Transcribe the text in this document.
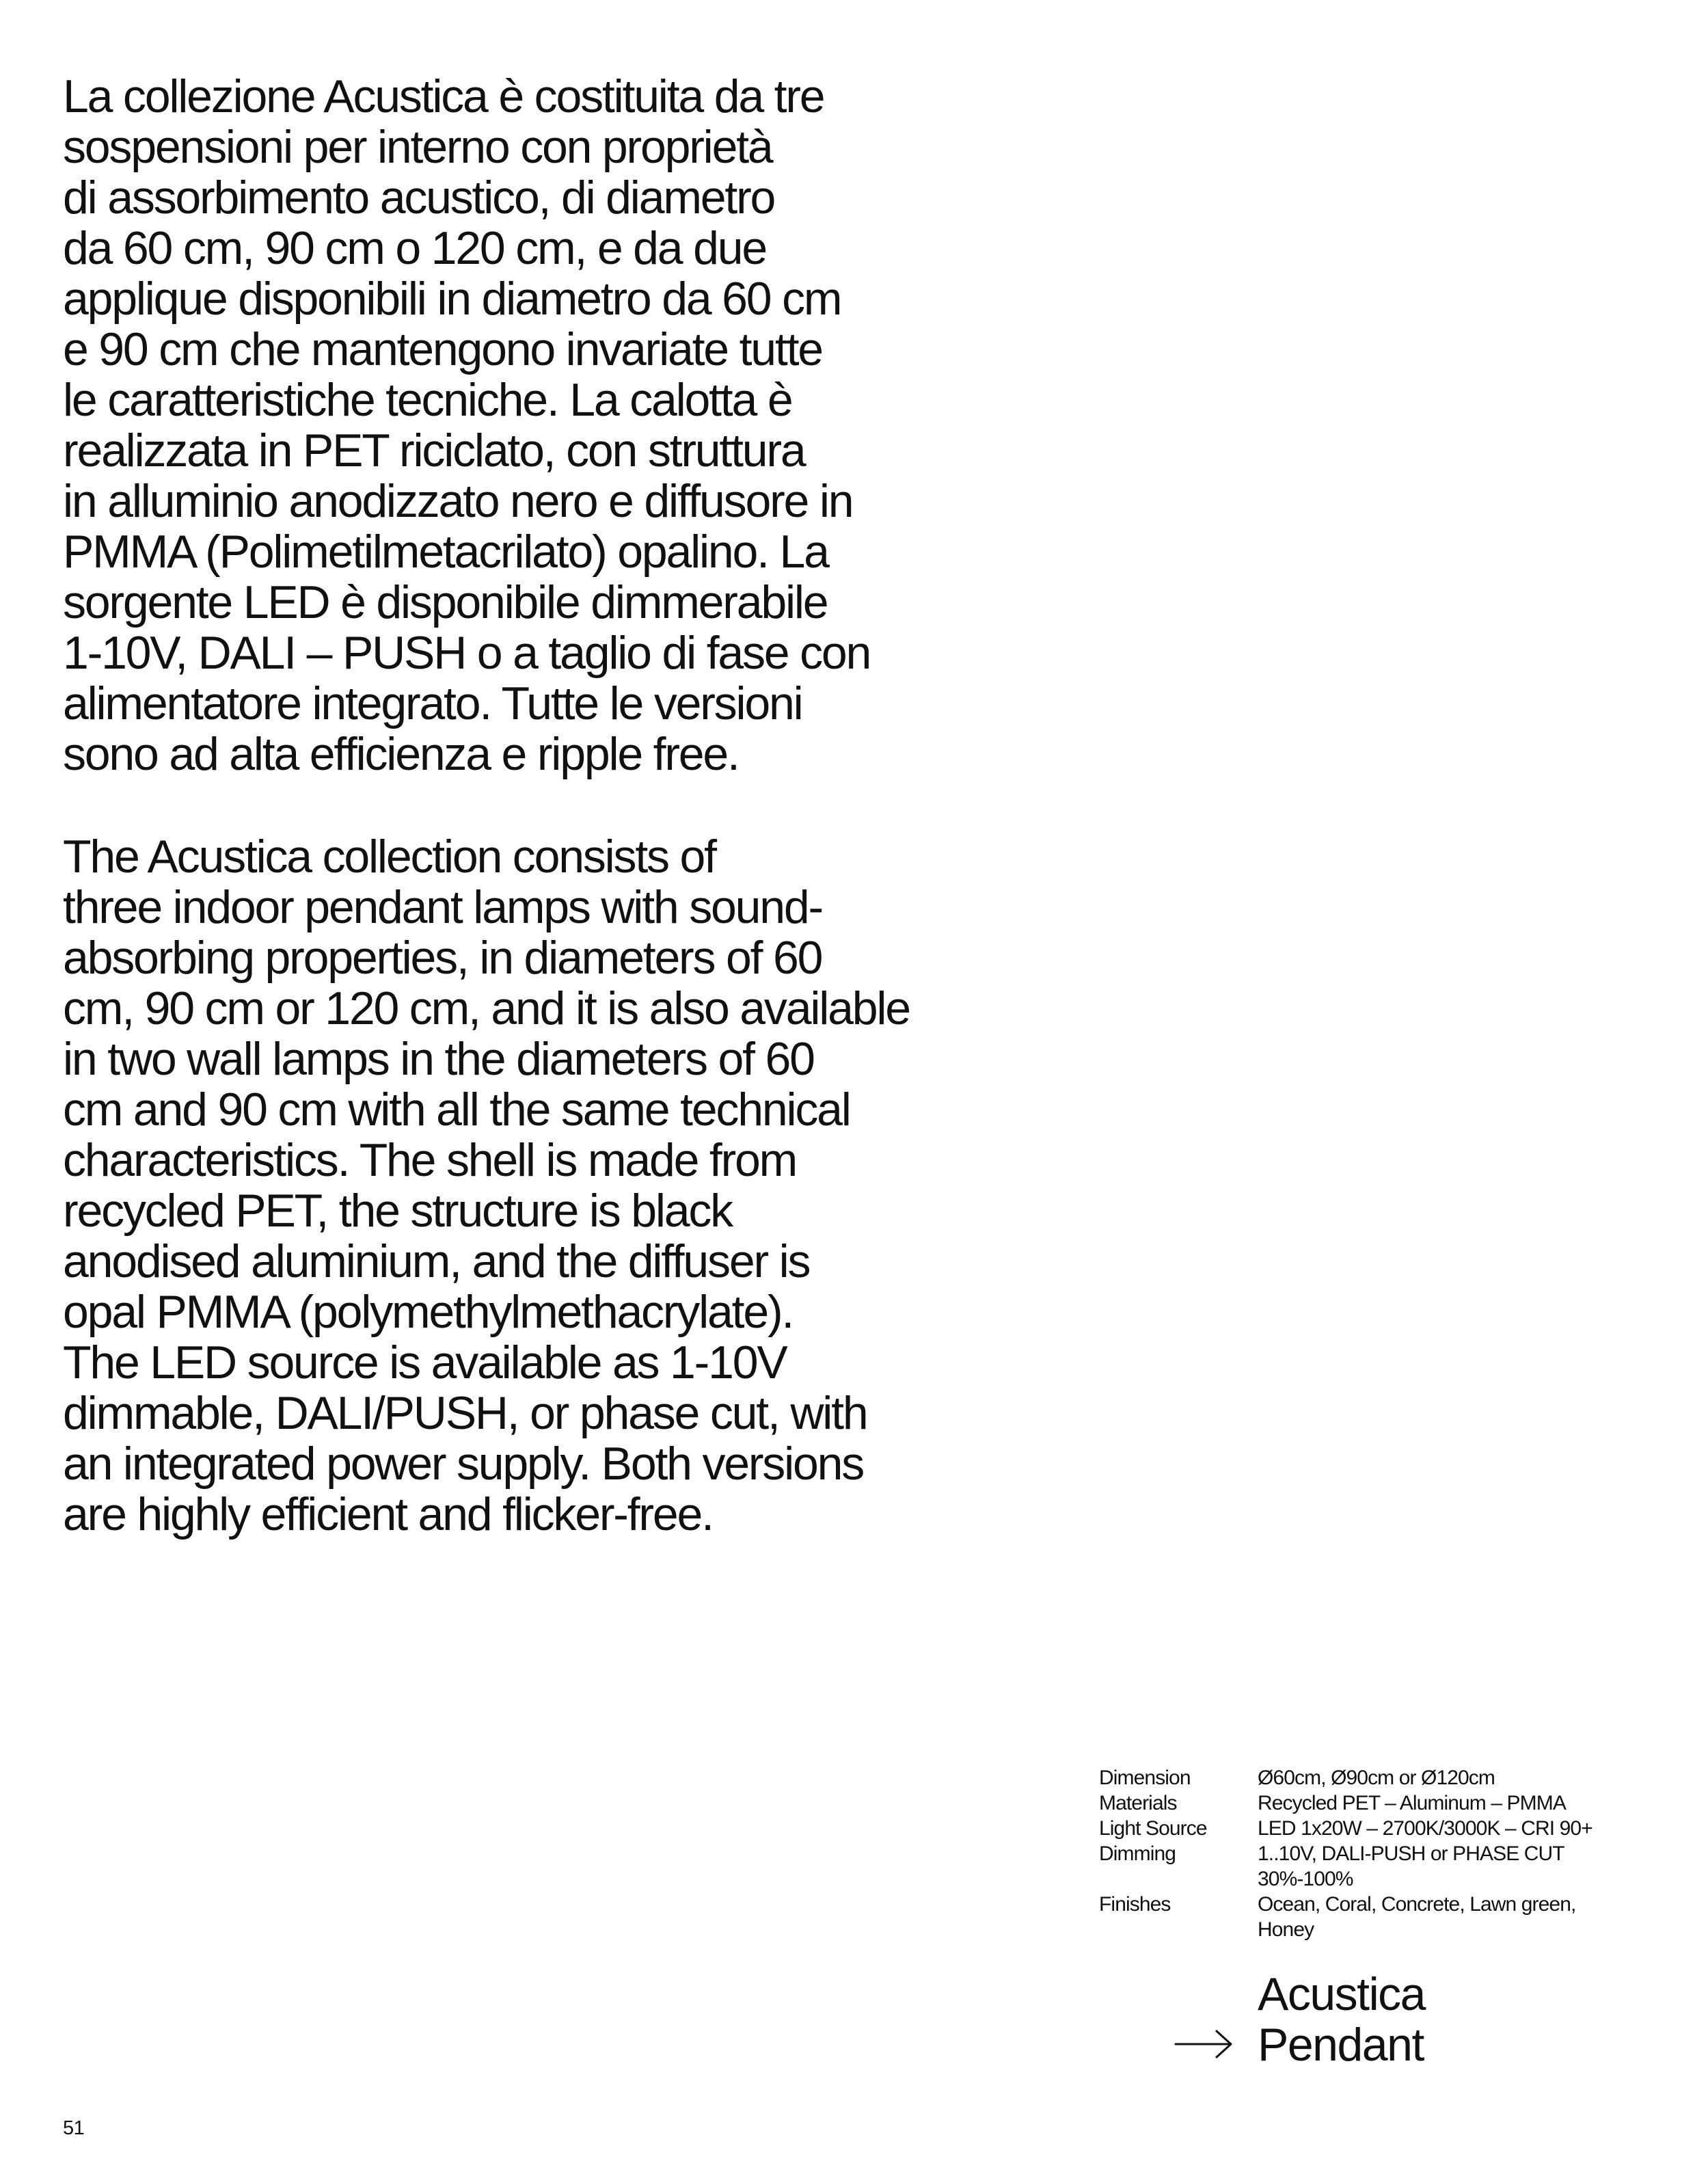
La collezione Acustica è costituita da tre
sospensioni per interno con proprietà
di assorbimento acustico, di diametro
da 60 cm, 90 cm o 120 cm, e da due
applique disponibili in diametro da 60 cm
e 90 cm che mantengono invariate tutte
le caratteristiche tecniche. La calotta è
realizzata in PET riciclato, con struttura
in alluminio anodizzato nero e diffusore in
PMMA (Polimetilmetacrilato) opalino. La
sorgente LED è disponibile dimmerabile
1-10V, DALI – PUSH o a taglio di fase con
alimentatore integrato. Tutte le versioni
sono ad alta efficienza e ripple free.
The Acustica collection consists of
three indoor pendant lamps with sound-
absorbing properties, in diameters of 60
cm, 90 cm or 120 cm, and it is also available
in two wall lamps in the diameters of 60
cm and 90 cm with all the same technical
characteristics. The shell is made from
recycled PET, the structure is black
anodised aluminium, and the diffuser is
opal PMMA (polymethylmethacrylate).
The LED source is available as 1-10V
dimmable, DALI/PUSH, or phase cut, with
an integrated power supply. Both versions
are highly efficient and flicker-free.
Dimension	Ø60cm, Ø90cm or Ø120cm
Materials	Recycled PET – Aluminum – PMMA
Light Source	LED 1x20W – 2700K/3000K – CRI 90+
Dimming	1..10V, DALI-PUSH or PHASE CUT
30%-100%
Finishes	Ocean, Coral, Concrete, Lawn green,
Honey
Acustica
Pendant
51
